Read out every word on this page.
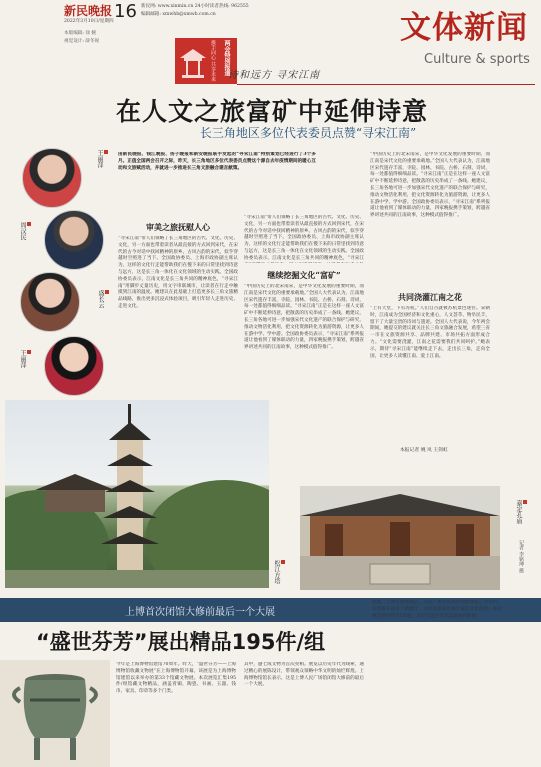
新民晚报
2022年3月10日/星期四 16 新民网: www.xinmin.cn 24小时读者热线: 962555
编辑邮箱: xmwhb@xmwb.com.cn
本版编辑: 徐 婉
视觉设计: 薛冬锐	文体新闻
Culture & sports
两会特别报道
携手同心 共享未来 诗和远方 寻宋江南
在人文之旅富矿中延伸诗意
长三角地区多位代表委员点赞“寻宋江南”
王丽萍
周汉民
盛长云
王丽萍
由新民晚报、钱江晚报、扬子晚报和新安晚报联手发起的“寻宋江南”特别策划已经进行了3个多月。正值全国两会召开之际，昨天，长三角地区多位代表委员点赞这个源自去年疫情期间的暖心互动和文旅赋活动，并就进一步推进长三角文旅融合建言献策。
审美之旅抚慰人心
“寻宋江南”带人们领略了长三角地区的古代、文化、历史、文化，另一方面也带着读者从最直接的方式回到宋代，在宋代的古今对话中找回精神的原乡。古风古韵的宋代，似乎穿越时空照进了当下。全国政协委员、上海市政协副主席认为，这样的文化行走能帮助我们在慢下来的日常里找到诗意与远方，这是长三角一体化在文化领域的生动实践。全国政协委员表示，江南文化是长三角共同的精神底色，“寻宋江南”用脚步丈量历史，用文字串联城市，让读者在行走中触摸到江南的温度。她建议在此基础上打造更多长三角文旅精品线路，推出更多沉浸式体验项目，吸引年轻人走进历史、走进文化。
“寻宋江南”带人们领略了长三角地区的古代、文化、历史、文化，另一方面也带着读者从最直接的方式回到宋代，在宋代的古今对话中找回精神的原乡。古风古韵的宋代，似乎穿越时空照进了当下。全国政协委员、上海市政协副主席认为，这样的文化行走能帮助我们在慢下来的日常里找到诗意与远方，这是长三角一体化在文化领域的生动实践。全国政协委员表示，江南文化是长三角共同的精神底色，“寻宋江
继续挖掘文化“富矿”
“中国历史上的北宋南宋，是中华文化发展的重要时期，而江南是宋代文化的重要承载地。”全国人大代表认为，江南地区宋代遗存丰富，寺院、园林、书院、古桥、石刻、诗词，每一处都值得细细品读。“寻宋江南”正是在这样一座人文富矿中不断延伸诗意，把散落的历史串成了一条线。她建议，长三角各地可进一步加强宋代文化遗产的联合保护与研究，推动文物活化利用，把文化资源转化为旅游资源，让更多人在游中学、学中游。全国政协委员表示，“寻宋江南”系列报道让他看到了媒体联动的力量，四家晚报携手策划，跨越省界讲述共同的江南故事，这种模式值得推广。
“中国历史上的北宋南宋，是中华文化发展的重要时期，而江南是宋代文化的重要承载地。”全国人大代表认为，江南地区宋代遗存丰富，寺院、园林、书院、古桥、石刻、诗词，每一处都值得细细品读。“寻宋江南”正是在这样一座人文富矿中不断延伸诗意，把散落的历史串成了一条线。她建议，长三角各地可进一步加强宋代文化遗产的联合保护与研究，推动文物活化利用，把文化资源转化为旅游资源，让更多人在游中学、学中游。全国政协委员表示，“寻宋江南”系列报道让他看到了媒体联动的力量，四家晚报携手策划，跨越省界讲述共同的江南故事，这种模式值得推广。
共同浇灌江南之花
“上有天堂，下有苏杭。”人们自古就被苏杭景色迷住。宋朝时，江南成为全国经济和文化重心，人文荟萃、物阜民丰，留下了大量宝贵的诗词与遗迹。全国人大代表说，今年两会期间，她提交的建议就关注长三角文旅融合发展，希望三省一市在文旅资源共享、品牌共建、市场共拓方面形成合力。“文化需要浇灌，江南之花需要我们共同呵护。”她表示，期待“寻宋江南”能继续走下去，走出长三角，走向全国，让更多人读懂江南、爱上江南。
本报记者 姚 岚 王剑虹
松江方塔
嘉定孔庙
记者 李铭珅 摄
上博首次闭馆大修前最后一个大展
“盛世芬芳”展出精品195件/组
今年是上海博物馆建馆70周年。昨天，“盛世芬芳——上海博物馆收藏文物展”在上海博物馆开幕，该展是为上海博物馆建馆以来举办的第33个馆藏文物展。本次展览汇集195件/组馆藏文物精品，涵盖青铜、陶瓷、书画、玉器、钱币、家具、印章等多个门类。
其中，逾七成文物为首次亮相。展览以历史年代为线索，通过精心的展陈设计，带领观众领略中华文明的灿烂辉煌。上海博物馆馆长表示，这是上博人民广场馆闭馆大修前的最后一个大展。
据悉，上博东馆建成后，人民广场馆将进行闭馆改造。今年内，东馆将开设多个新展厅，为市民带来更加丰富的文化体验。本次展览将持续至5月底，市民可通过官方渠道预约参观。
